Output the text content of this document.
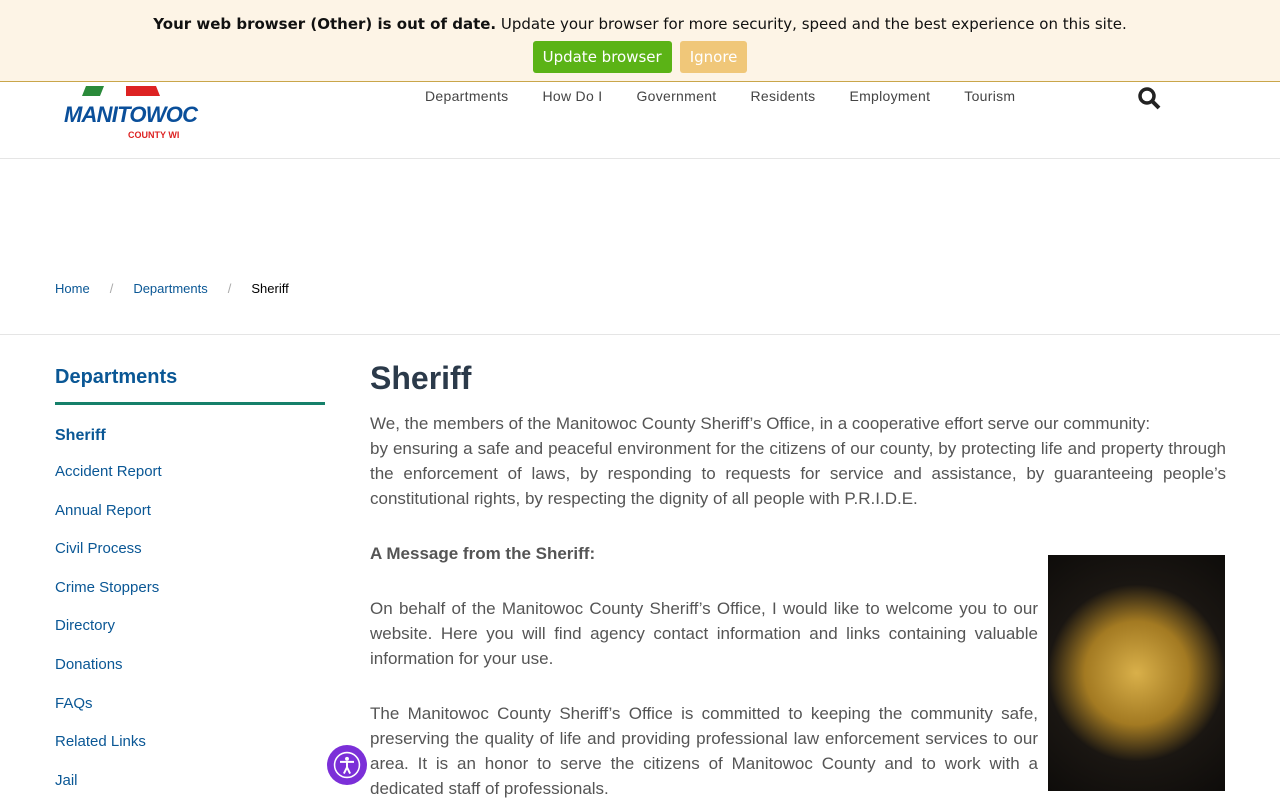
Your web browser (Other) is out of date. Update your browser for more security, speed and the best experience on this site.

Update browser	Ignore
MANITOWOC
COUNTY WI
Departments	How Do I	Government	Residents	Employment	Tourism
Home / Departments / Sheriff
Departments
Sheriff
Accident Report
Annual Report
Civil Process
Crime Stoppers
Directory
Donations
FAQs
Related Links
Jail
Sheriff

We, the members of the Manitowoc County Sheriff’s Office, in a cooperative effort serve our community:

by ensuring a safe and peaceful environment for the citizens of our county, by protecting life and property through the enforcement of laws, by responding to requests for service and assistance, by guaranteeing people’s constitutional rights, by respecting the dignity of all people with P.R.I.D.E.

A Message from the Sheriff:

On behalf of the Manitowoc County Sheriff’s Office, I would like to welcome you to our website. Here you will find agency contact information and links containing valuable information for your use.

The Manitowoc County Sheriff’s Office is committed to keeping the community safe, preserving the quality of life and providing professional law enforcement services to our area. It is an honor to serve the citizens of Manitowoc County and to work with a dedicated staff of professionals.
